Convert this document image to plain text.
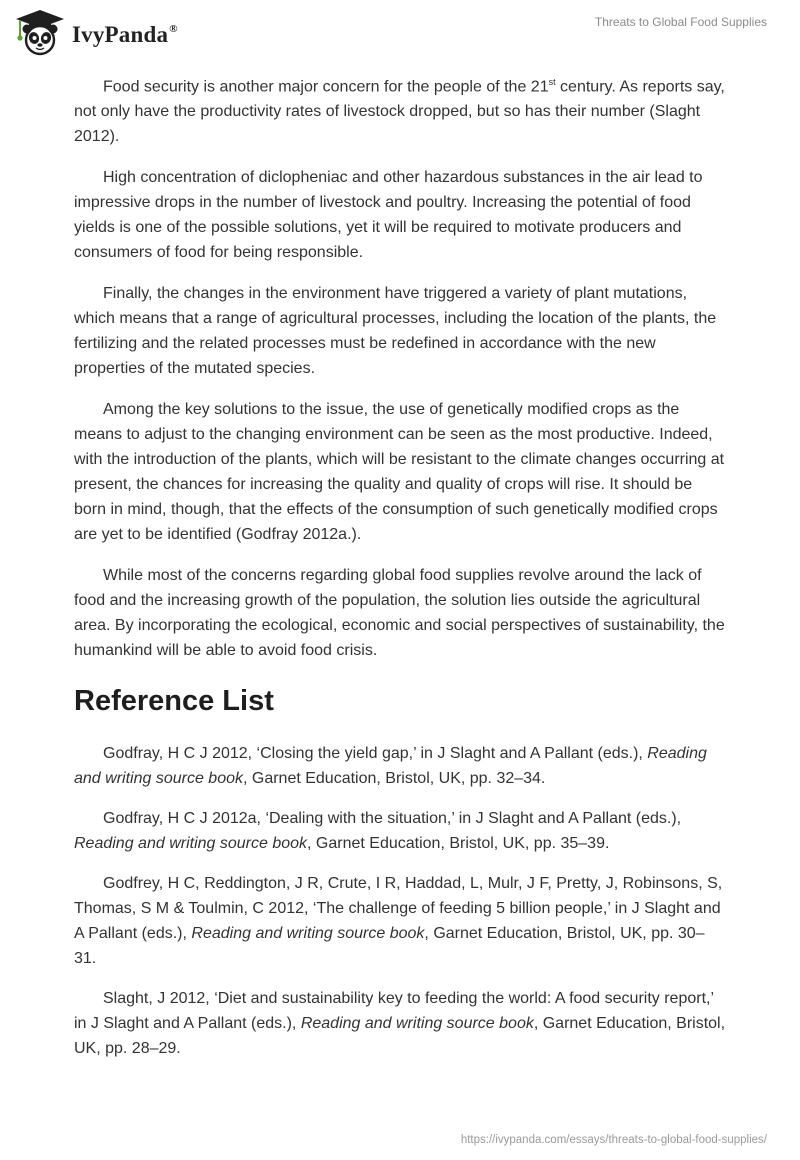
IvyPanda®	Threats to Global Food Supplies

Food security is another major concern for the people of the 21st century. As reports say, not only have the productivity rates of livestock dropped, but so has their number (Slaght 2012).

High concentration of diclopheniac and other hazardous substances in the air lead to impressive drops in the number of livestock and poultry. Increasing the potential of food yields is one of the possible solutions, yet it will be required to motivate producers and consumers of food for being responsible.

Finally, the changes in the environment have triggered a variety of plant mutations, which means that a range of agricultural processes, including the location of the plants, the fertilizing and the related processes must be redefined in accordance with the new properties of the mutated species.

Among the key solutions to the issue, the use of genetically modified crops as the means to adjust to the changing environment can be seen as the most productive. Indeed, with the introduction of the plants, which will be resistant to the climate changes occurring at present, the chances for increasing the quality and quality of crops will rise. It should be born in mind, though, that the effects of the consumption of such genetically modified crops are yet to be identified (Godfray 2012a.).

While most of the concerns regarding global food supplies revolve around the lack of food and the increasing growth of the population, the solution lies outside the agricultural area. By incorporating the ecological, economic and social perspectives of sustainability, the humankind will be able to avoid food crisis.

Reference List

Godfray, H C J 2012, ‘Closing the yield gap,’ in J Slaght and A Pallant (eds.), Reading and writing source book, Garnet Education, Bristol, UK, pp. 32–34.

Godfray, H C J 2012a, ‘Dealing with the situation,’ in J Slaght and A Pallant (eds.), Reading and writing source book, Garnet Education, Bristol, UK, pp. 35–39.

Godfrey, H C, Reddington, J R, Crute, I R, Haddad, L, Mulr, J F, Pretty, J, Robinsons, S, Thomas, S M & Toulmin, C 2012, ‘The challenge of feeding 5 billion people,’ in J Slaght and A Pallant (eds.), Reading and writing source book, Garnet Education, Bristol, UK, pp. 30–31.

Slaght, J 2012, ‘Diet and sustainability key to feeding the world: A food security report,’ in J Slaght and A Pallant (eds.), Reading and writing source book, Garnet Education, Bristol, UK, pp. 28–29.

https://ivypanda.com/essays/threats-to-global-food-supplies/
